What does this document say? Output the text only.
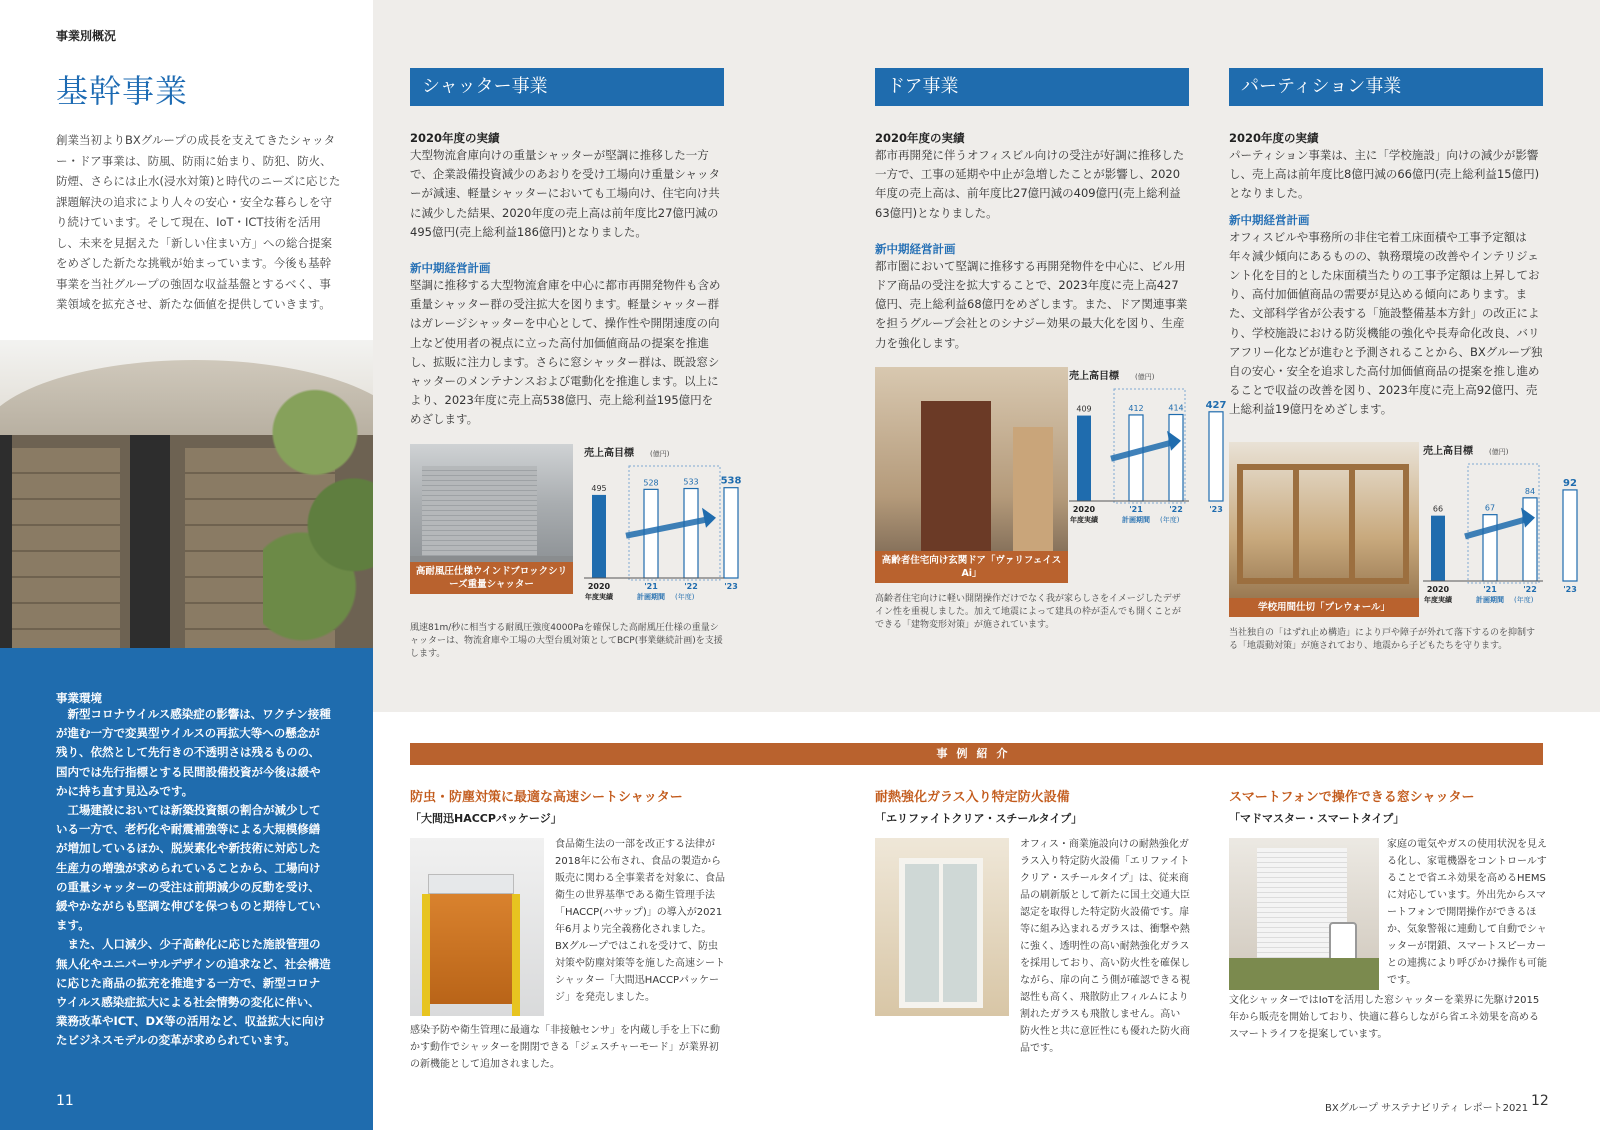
事業別概況
基幹事業
創業当初よりBXグループの成長を支えてきたシャッター・ドア事業は、防風、防雨に始まり、防犯、防火、防煙、さらには止水(浸水対策)と時代のニーズに応じた課題解決の追求により人々の安心・安全な暮らしを守り続けています。そして現在、IoT・ICT技術を活用し、未来を見据えた「新しい住まい方」への総合提案をめざした新たな挑戦が始まっています。今後も基幹事業を当社グループの強固な収益基盤とするべく、事業領域を拡充させ、新たな価値を提供していきます。
事業環境

新型コロナウイルス感染症の影響は、ワクチン接種が進む一方で変異型ウイルスの再拡大等への懸念が残り、依然として先行きの不透明さは残るものの、国内では先行指標とする民間設備投資が今後は緩やかに持ち直す見込みです。

工場建設においては新築投資額の割合が減少している一方で、老朽化や耐震補強等による大規模修繕が増加しているほか、脱炭素化や新技術に対応した生産力の増強が求められていることから、工場向けの重量シャッターの受注は前期減少の反動を受け、緩やかながらも堅調な伸びを保つものと期待しています。

また、人口減少、少子高齢化に応じた施設管理の無人化やユニバーサルデザインの追求など、社会構造に応じた商品の拡充を推進する一方で、新型コロナウイルス感染症拡大による社会情勢の変化に伴い、業務改革やICT、DX等の活用など、収益拡大に向けたビジネスモデルの変革が求められています。

11
シャッター事業
2020年度の実績
大型物流倉庫向けの重量シャッターが堅調に推移した一方で、企業設備投資減少のあおりを受け工場向け重量シャッターが減速、軽量シャッターにおいても工場向け、住宅向け共に減少した結果、2020年度の売上高は前年度比27億円減の495億円(売上総利益186億円)となりました。
新中期経営計画
堅調に推移する大型物流倉庫を中心に都市再開発物件も含め重量シャッター群の受注拡大を図ります。軽量シャッター群はガレージシャッターを中心として、操作性や開閉速度の向上など使用者の視点に立った高付加価値商品の提案を推進し、拡販に注力します。さらに窓シャッター群は、既設窓シャッターのメンテナンスおよび電動化を推進します。以上により、2023年度に売上高538億円、売上総利益195億円をめざします。
高耐風圧仕様ウインドブロックシリーズ重量シャッター
売上高目標 (億円)
495
2020
528
'21
533
'22
538
'23
年度実績	計画期間 (年度)
風速81m/秒に相当する耐風圧強度4000Paを確保した高耐風圧仕様の重量シャッターは、物流倉庫や工場の大型台風対策としてBCP(事業継続計画)を支援します。
ドア事業
2020年度の実績
都市再開発に伴うオフィスビル向けの受注が好調に推移した一方で、工事の延期や中止が急増したことが影響し、2020年度の売上高は、前年度比27億円減の409億円(売上総利益63億円)となりました。
新中期経営計画
都市圏において堅調に推移する再開発物件を中心に、ビル用ドア商品の受注を拡大することで、2023年度に売上高427億円、売上総利益68億円をめざします。また、ドア関連事業を担うグループ会社とのシナジー効果の最大化を図り、生産力を強化します。
高齢者住宅向け玄関ドア「ヴァリフェイスAi」
売上高目標 (億円)
409
2020
412
'21
414
'22
427
'23
年度実績	計画期間 (年度)
高齢者住宅向けに軽い開閉操作だけでなく我が家らしさをイメージしたデザイン性を重視しました。加えて地震によって建具の枠が歪んでも開くことができる「建物変形対策」が施されています。
パーティション事業
2020年度の実績
パーティション事業は、主に「学校施設」向けの減少が影響し、売上高は前年度比8億円減の66億円(売上総利益15億円)となりました。
新中期経営計画
オフィスビルや事務所の非住宅着工床面積や工事予定額は年々減少傾向にあるものの、執務環境の改善やインテリジェント化を目的とした床面積当たりの工事予定額は上昇しており、高付加価値商品の需要が見込める傾向にあります。また、文部科学省が公表する「施設整備基本方針」の改正により、学校施設における防災機能の強化や長寿命化改良、バリアフリー化などが進むと予測されることから、BXグループ独自の安心・安全を追求した高付加価値商品の提案を推し進めることで収益の改善を図り、2023年度に売上高92億円、売上総利益19億円をめざします。
学校用間仕切「プレウォール」
売上高目標 (億円)
66
2020
67
'21
84
'22
92
'23
年度実績	計画期間 (年度)
当社独自の「はずれ止め構造」により戸や障子が外れて落下するのを抑制する「地震動対策」が施されており、地震から子どもたちを守ります。
事例紹介
防虫・防塵対策に最適な高速シートシャッター
「大間迅HACCPパッケージ」
食品衛生法の一部を改正する法律が2018年に公布され、食品の製造から販売に関わる全事業者を対象に、食品衛生の世界基準である衛生管理手法「HACCP(ハサップ)」の導入が2021年6月より完全義務化されました。BXグループではこれを受けて、防虫対策や防塵対策等を施した高速シートシャッター「大間迅HACCPパッケージ」を発売しました。
感染予防や衛生管理に最適な「非接触センサ」を内蔵し手を上下に動かす動作でシャッターを開閉できる「ジェスチャーモード」が業界初の新機能として追加されました。
耐熱強化ガラス入り特定防火設備
「エリファイトクリア・スチールタイプ」
オフィス・商業施設向けの耐熱強化ガラス入り特定防火設備「エリファイトクリア・スチールタイプ」は、従来商品の刷新版として新たに国土交通大臣認定を取得した特定防火設備です。扉等に組み込まれるガラスは、衝撃や熱に強く、透明性の高い耐熱強化ガラスを採用しており、高い防火性を確保しながら、扉の向こう側が確認できる視認性も高く、飛散防止フィルムにより割れたガラスも飛散しません。高い防火性と共に意匠性にも優れた防火商品です。
スマートフォンで操作できる窓シャッター
「マドマスター・スマートタイプ」
家庭の電気やガスの使用状況を見える化し、家電機器をコントロールすることで省エネ効果を高めるHEMSに対応しています。外出先からスマートフォンで開閉操作ができるほか、気象警報に連動して自動でシャッターが閉鎖、スマートスピーカーとの連携により呼びかけ操作も可能です。
文化シャッターではIoTを活用した窓シャッターを業界に先駆け2015年から販売を開始しており、快適に暮らしながら省エネ効果を高めるスマートライフを提案しています。
BXグループ サステナビリティ レポート2021 12
